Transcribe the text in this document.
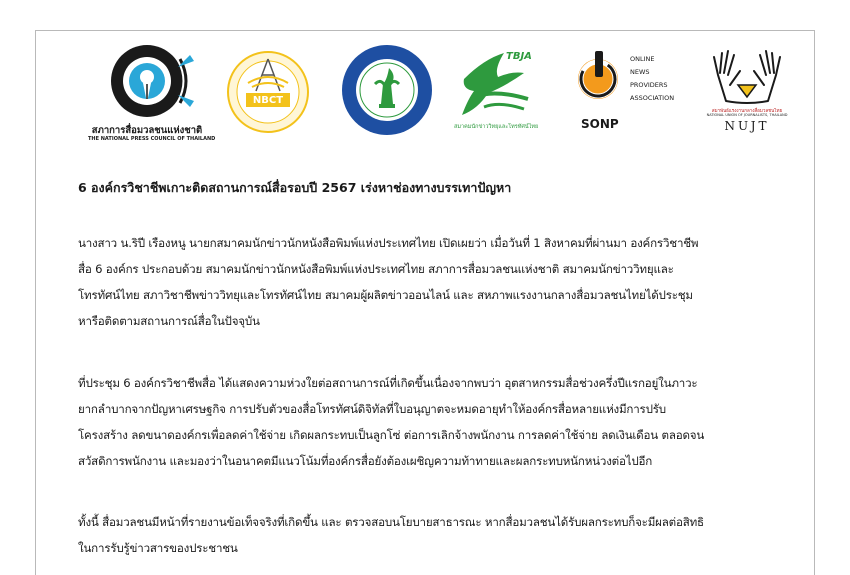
สภาการสื่อมวลชนแห่งชาติ
THE NATIONAL PRESS COUNCIL OF THAILAND
NBCT
TBJA
สมาคมนักข่าววิทยุและโทรทัศน์ไทย	SONP
ONLINE
NEWS
PROVIDERS
ASSOCIATION
สมาพันธ์แรงงานกลางสื่อมวลชนไทย
NATIONAL UNION OF JOURNALISTS, THAILAND
NUJT
6 องค์กรวิชาชีพเกาะติดสถานการณ์สื่อรอบปี 2567 เร่งหาช่องทางบรรเทาปัญหา

นางสาว น.ริปี เรืองหนู นายกสมาคมนักข่าวนักหนังสือพิมพ์แห่งประเทศไทย เปิดเผยว่า เมื่อวันที่ 1 สิงหาคมที่ผ่านมา องค์กรวิชาชีพ
สื่อ 6 องค์กร ประกอบด้วย สมาคมนักข่าวนักหนังสือพิมพ์แห่งประเทศไทย สภาการสื่อมวลชนแห่งชาติ สมาคมนักข่าววิทยุและ
โทรทัศน์ไทย สภาวิชาชีพข่าววิทยุและโทรทัศน์ไทย สมาคมผู้ผลิตข่าวออนไลน์ และ สหภาพแรงงานกลางสื่อมวลชนไทยได้ประชุม
หารือติดตามสถานการณ์สื่อในปัจจุบัน

ที่ประชุม 6 องค์กรวิชาชีพสื่อ ได้แสดงความห่วงใยต่อสถานการณ์ที่เกิดขึ้นเนื่องจากพบว่า อุตสาหกรรมสื่อช่วงครึ่งปีแรกอยู่ในภาวะ
ยากลำบากจากปัญหาเศรษฐกิจ การปรับตัวของสื่อโทรทัศน์ดิจิทัลที่ใบอนุญาตจะหมดอายุทำให้องค์กรสื่อหลายแห่งมีการปรับ
โครงสร้าง ลดขนาดองค์กรเพื่อลดค่าใช้จ่าย เกิดผลกระทบเป็นลูกโซ่ ต่อการเลิกจ้างพนักงาน การลดค่าใช้จ่าย ลดเงินเดือน ตลอดจน
สวัสดิการพนักงาน และมองว่าในอนาคตมีแนวโน้มที่องค์กรสื่อยังต้องเผชิญความท้าทายและผลกระทบหนักหน่วงต่อไปอีก

ทั้งนี้ สื่อมวลชนมีหน้าที่รายงานข้อเท็จจริงที่เกิดขึ้น และ ตรวจสอบนโยบายสาธารณะ หากสื่อมวลชนได้รับผลกระทบก็จะมีผลต่อสิทธิ
ในการรับรู้ข่าวสารของประชาชน
